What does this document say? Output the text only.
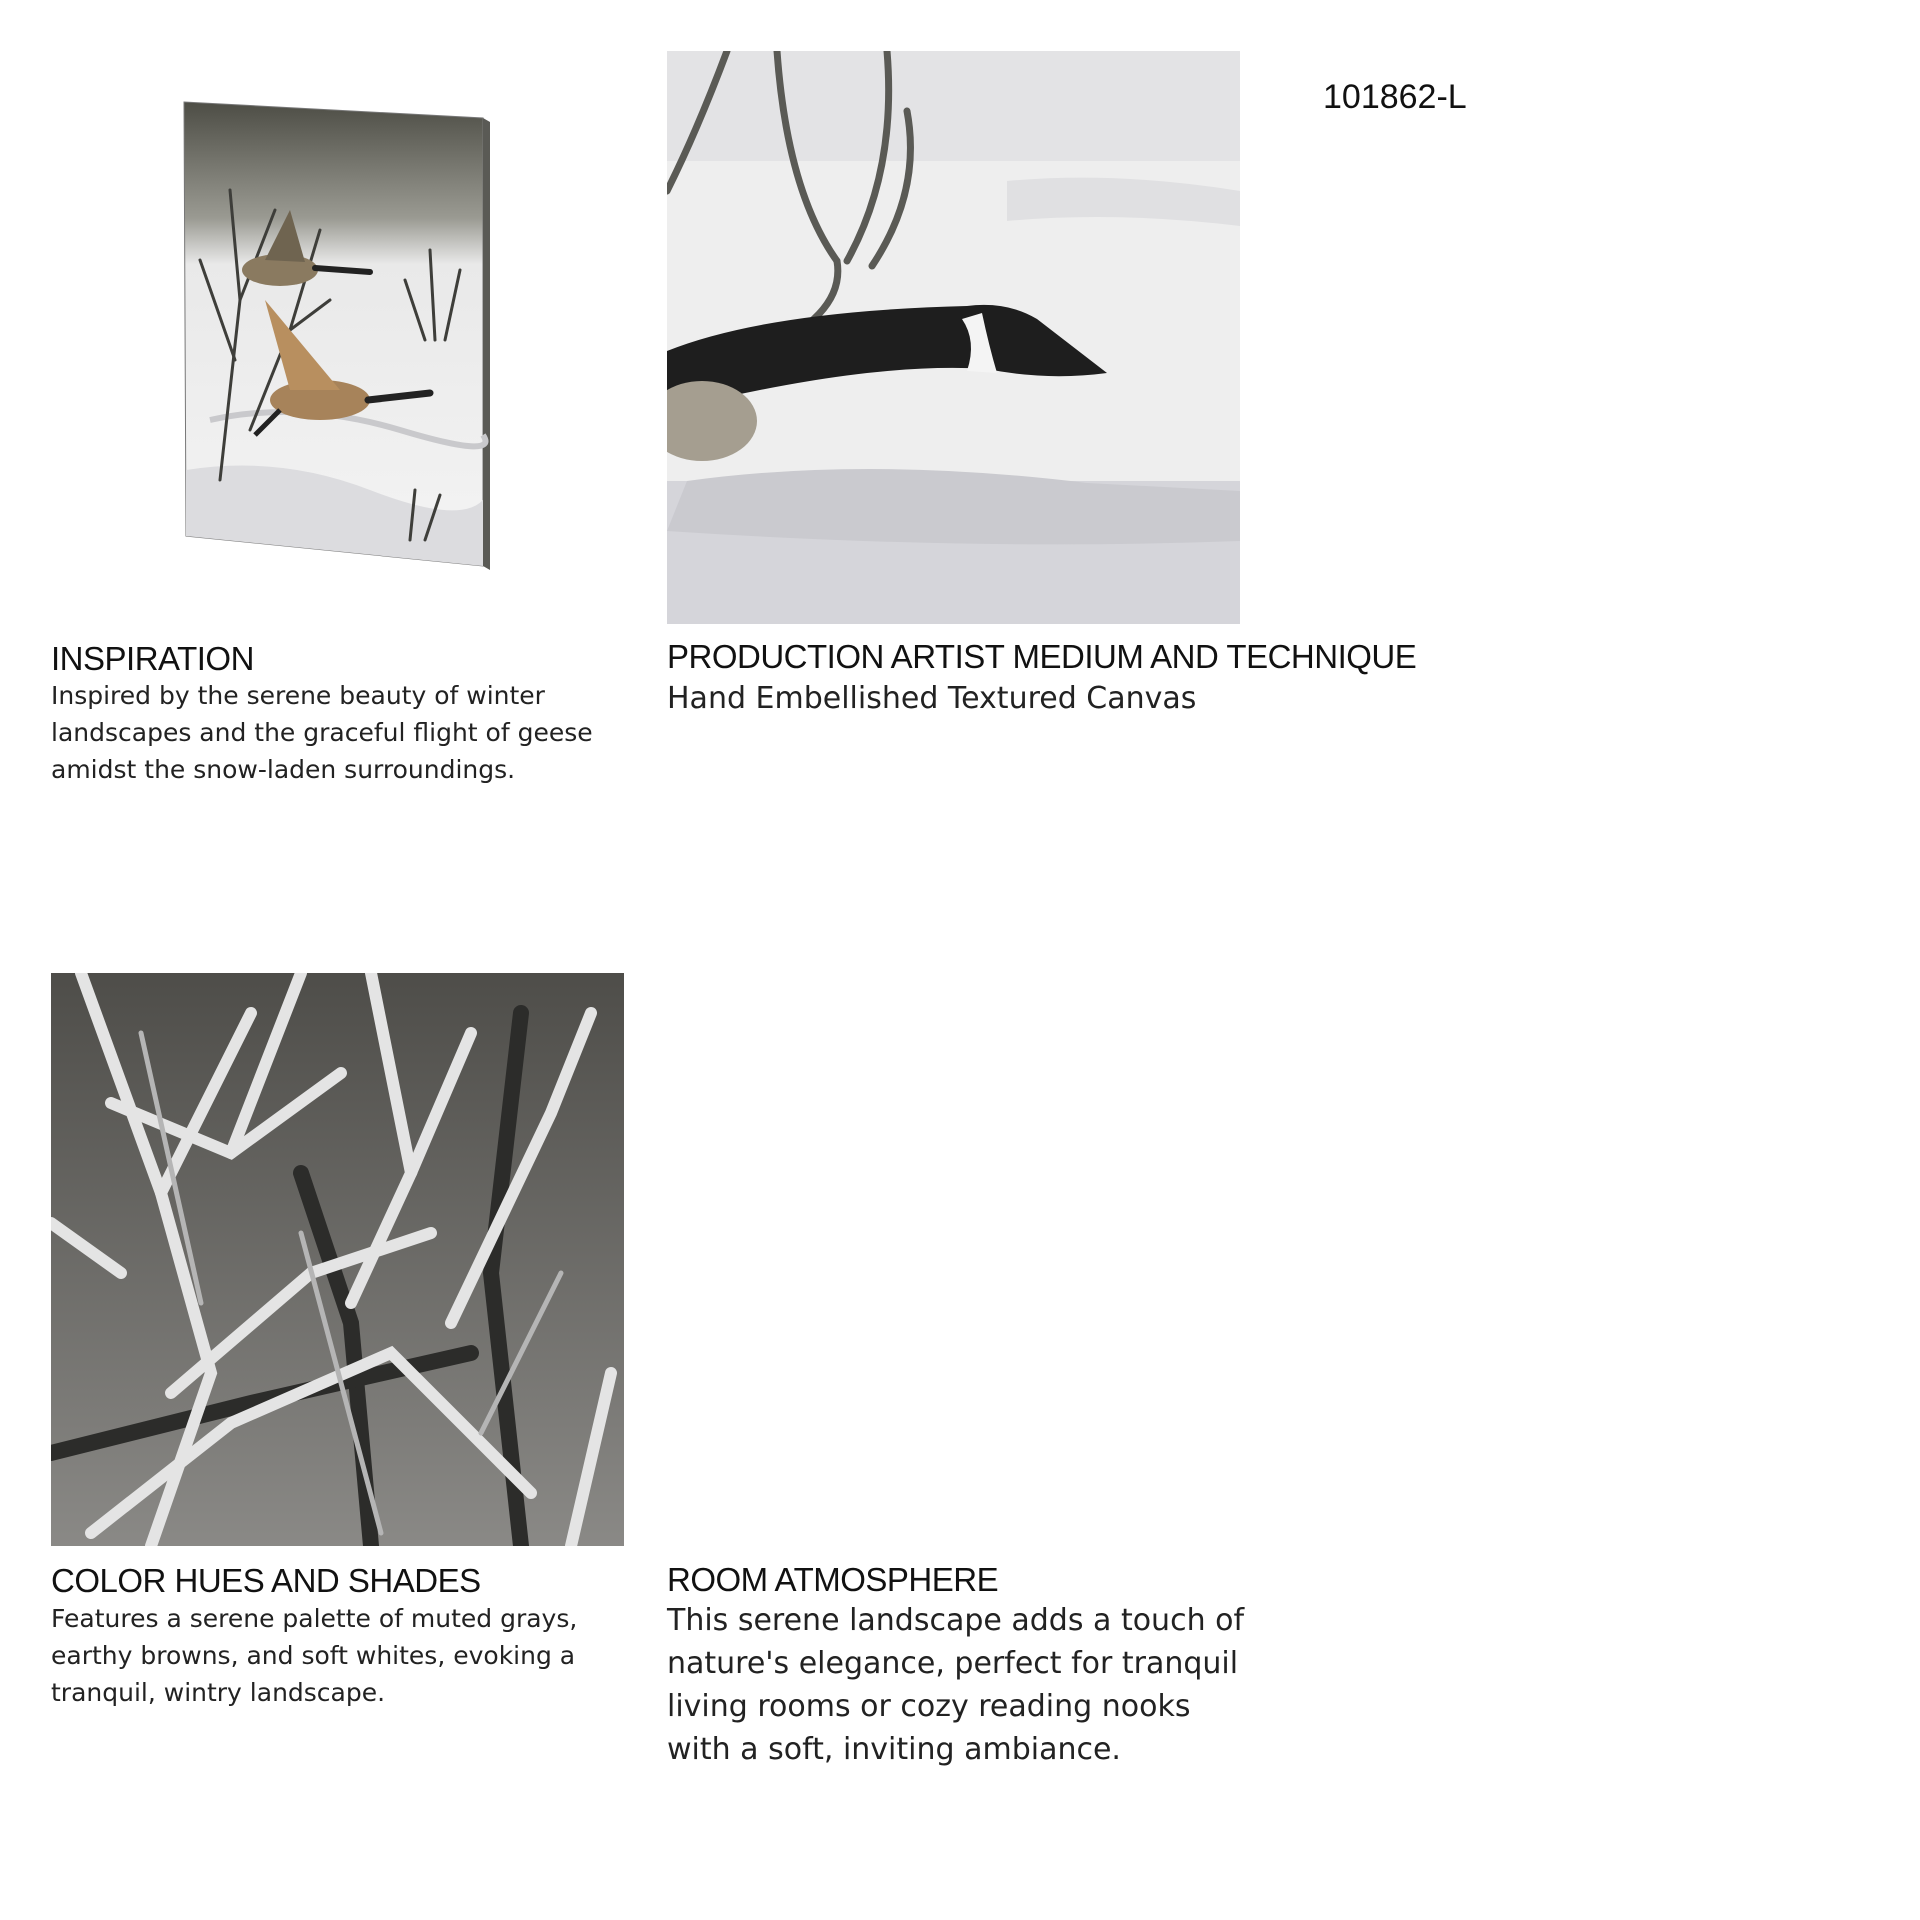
101862-L
INSPIRATION
Inspired by the serene beauty of winter landscapes and the graceful flight of geese amidst the snow-laden surroundings.
PRODUCTION ARTIST MEDIUM AND TECHNIQUE
Hand Embellished Textured Canvas
COLOR HUES AND SHADES
Features a serene palette of muted grays, earthy browns, and soft whites, evoking a tranquil, wintry landscape.
ROOM ATMOSPHERE
This serene landscape adds a touch of nature's elegance, perfect for tranquil living rooms or cozy reading nooks with a soft, inviting ambiance.
